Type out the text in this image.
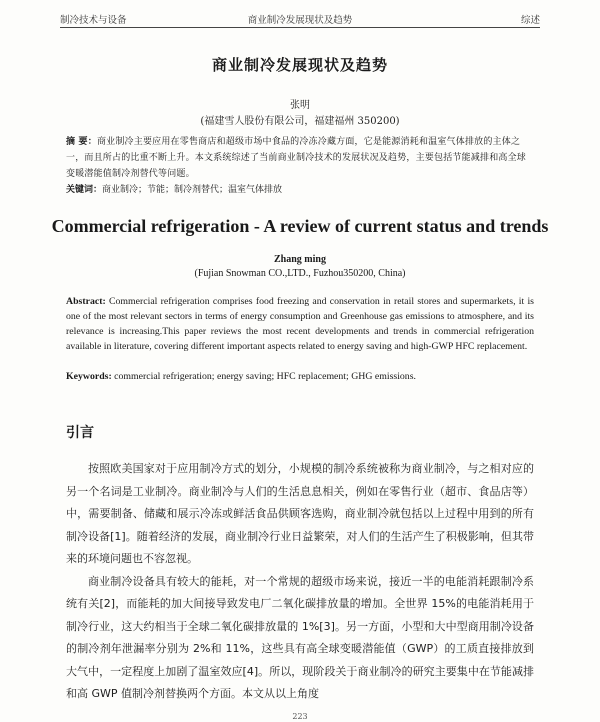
制冷技术与设备	商业制冷发展现状及趋势	综述
商业制冷发展现状及趋势
张明
(福建雪人股份有限公司，福建福州 350200)
摘 要：商业制冷主要应用在零售商店和超级市场中食品的冷冻冷藏方面，它是能源消耗和温室气体排放的主体之一，而且所占的比重不断上升。本文系统综述了当前商业制冷技术的发展状况及趋势，主要包括节能减排和高全球变暖潜能值制冷剂替代等问题。
关键词：商业制冷；节能；制冷剂替代；温室气体排放
Commercial refrigeration - A review of current status and trends
Zhang ming
(Fujian Snowman CO.,LTD., Fuzhou350200, China)
Abstract: Commercial refrigeration comprises food freezing and conservation in retail stores and supermarkets, it is one of the most relevant sectors in terms of energy consumption and Greenhouse gas emissions to atmosphere, and its relevance is increasing.This paper reviews the most recent developments and trends in commercial refrigeration available in literature, covering different important aspects related to energy saving and high-GWP HFC replacement.
Keywords: commercial refrigeration; energy saving; HFC replacement; GHG emissions.
引言

按照欧美国家对于应用制冷方式的划分，小规模的制冷系统被称为商业制冷，与之相对应的另一个名词是工业制冷。商业制冷与人们的生活息息相关，例如在零售行业（超市、食品店等）中，需要制备、储藏和展示冷冻或鲜活食品供顾客选购，商业制冷就包括以上过程中用到的所有制冷设备[1]。随着经济的发展，商业制冷行业日益繁荣，对人们的生活产生了积极影响，但其带来的环境问题也不容忽视。

商业制冷设备具有较大的能耗，对一个常规的超级市场来说，接近一半的电能消耗跟制冷系统有关[2]，而能耗的加大间接导致发电厂二氧化碳排放量的增加。全世界 15%的电能消耗用于制冷行业，这大约相当于全球二氧化碳排放量的 1%[3]。另一方面，小型和大中型商用制冷设备的制冷剂年泄漏率分别为 2%和 11%，这些具有高全球变暖潜能值（GWP）的工质直接排放到大气中，一定程度上加剧了温室效应[4]。所以，现阶段关于商业制冷的研究主要集中在节能减排和高 GWP 值制冷剂替换两个方面。本文从以上角度

223
